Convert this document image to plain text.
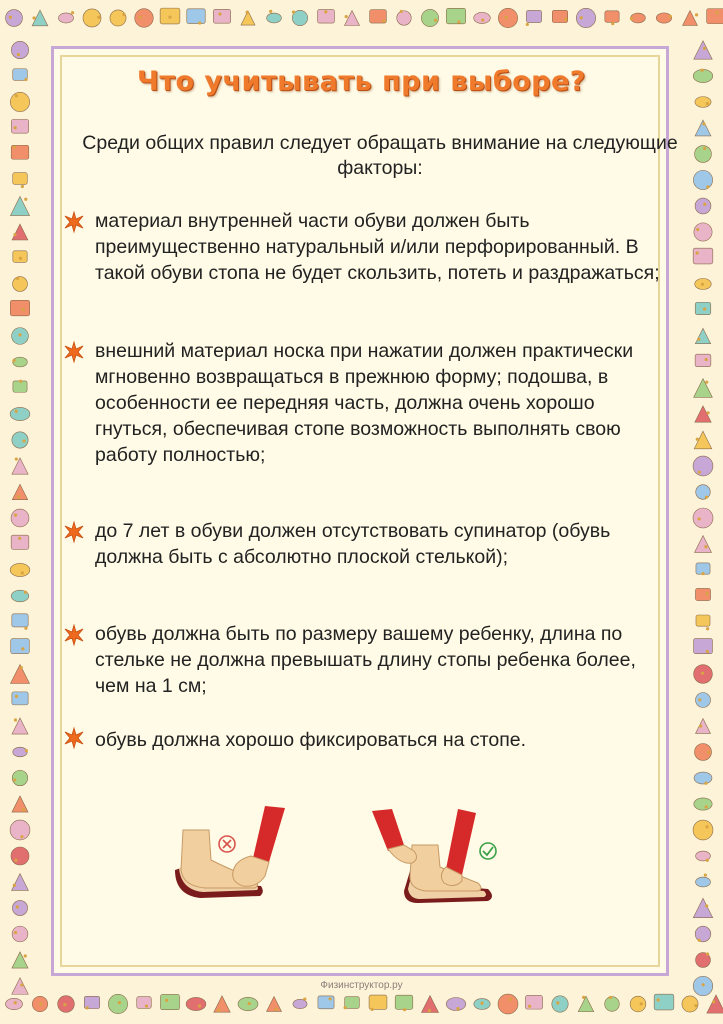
Что учитывать при выборе?
Среди общих правил следует обращать внимание на следующие факторы:
материал внутренней части обуви должен быть преимущественно натуральный и/или перфорированный. В такой обуви стопа не будет скользить, потеть и раздражаться;
внешний материал носка при нажатии должен практически мгновенно возвращаться в прежнюю форму; подошва, в особенности ее передняя часть, должна очень хорошо гнуться, обеспечивая стопе возможность выполнять свою работу полностью;
до 7 лет в обуви должен отсутствовать супинатор (обувь должна быть с абсолютно плоской стелькой);
обувь должна быть по размеру вашему ребенку, длина по стельке не должна превышать длину стопы ребенка более, чем на 1 см;
обувь должна хорошо фиксироваться на стопе.
Физинструктор.ру
